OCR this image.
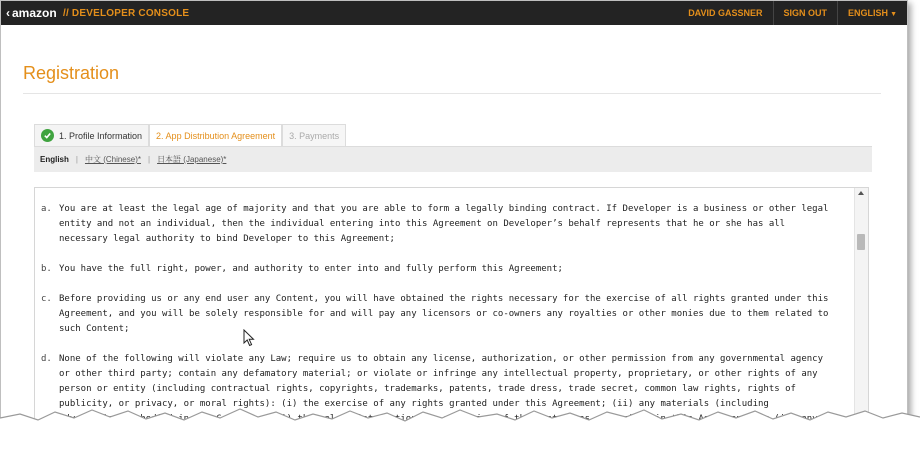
‹ amazon // DEVELOPER CONSOLE	DAVID GASSNER	SIGN OUT	ENGLISH ▼
Registration
1. Profile Information 2. App Distribution Agreement 3. Payments
English | 中文 (Chinese)* | 日本語 (Japanese)*
a. You are at least the legal age of majority and that you are able to form a legally binding contract. If Developer is a business or other legal entity and not an individual, then the individual entering into this Agreement on Developer’s behalf represents that he or she has all necessary legal authority to bind Developer to this Agreement;
b. You have the full right, power, and authority to enter into and fully perform this Agreement;
c. Before providing us or any end user any Content, you will have obtained the rights necessary for the exercise of all rights granted under this Agreement, and you will be solely responsible for and will pay any licensors or co-owners any royalties or other monies due to them related to such Content;
d. None of the following will violate any Law; require us to obtain any license, authorization, or other permission from any governmental agency or other third party; contain any defamatory material; or violate or infringe any intellectual property, proprietary, or other rights of any person or entity (including contractual rights, copyrights, trademarks, patents, trade dress, trade secret, common law rights, rights of publicity, or privacy, or moral rights): (i) the exercise of any rights granted under this Agreement; (ii) any materials (including in any
